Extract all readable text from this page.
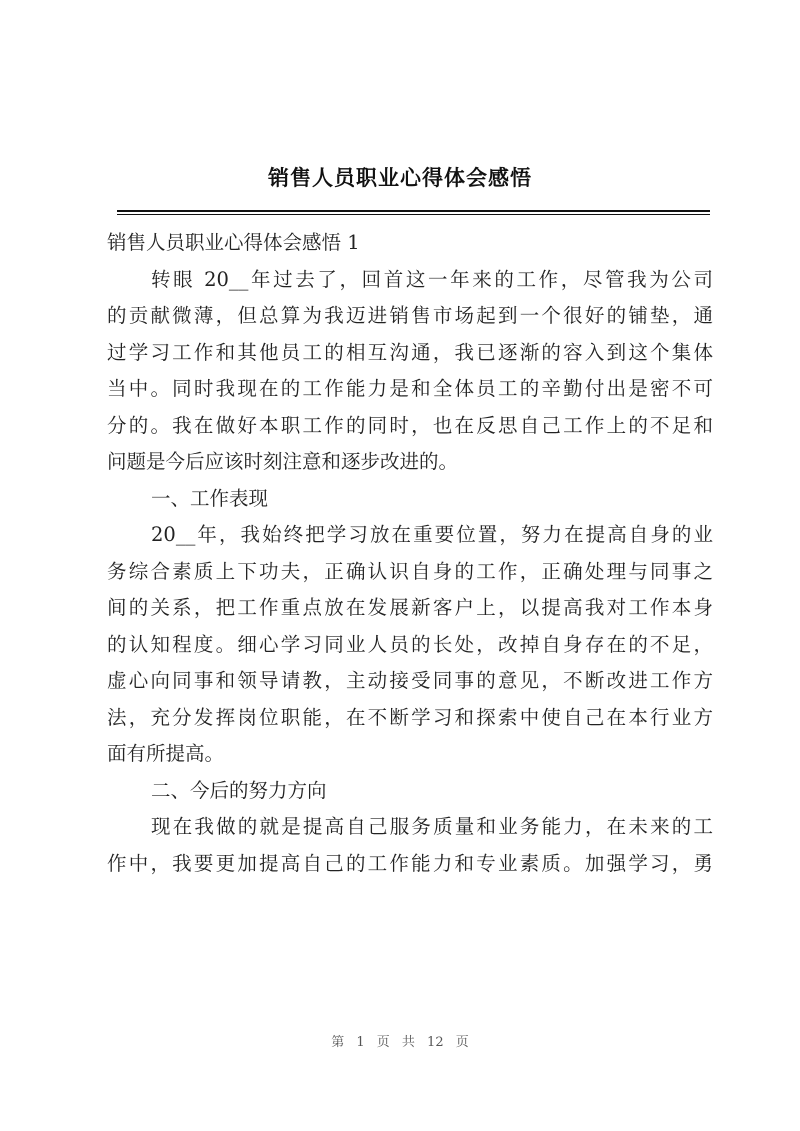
销售人员职业心得体会感悟
销售人员职业心得体会感悟 1
转眼 20__年过去了，回首这一年来的工作，尽管我为公司
的贡献微薄，但总算为我迈进销售市场起到一个很好的铺垫，通
过学习工作和其他员工的相互沟通，我已逐渐的容入到这个集体
当中。同时我现在的工作能力是和全体员工的辛勤付出是密不可
分的。我在做好本职工作的同时，也在反思自己工作上的不足和
问题是今后应该时刻注意和逐步改进的。
一、工作表现
20__年，我始终把学习放在重要位置，努力在提高自身的业
务综合素质上下功夫，正确认识自身的工作，正确处理与同事之
间的关系，把工作重点放在发展新客户上，以提高我对工作本身
的认知程度。细心学习同业人员的长处，改掉自身存在的不足，
虚心向同事和领导请教，主动接受同事的意见，不断改进工作方
法，充分发挥岗位职能，在不断学习和探索中使自己在本行业方
面有所提高。
二、今后的努力方向
现在我做的就是提高自己服务质量和业务能力，在未来的工
作中，我要更加提高自己的工作能力和专业素质。加强学习，勇
第 1 页 共 12 页
